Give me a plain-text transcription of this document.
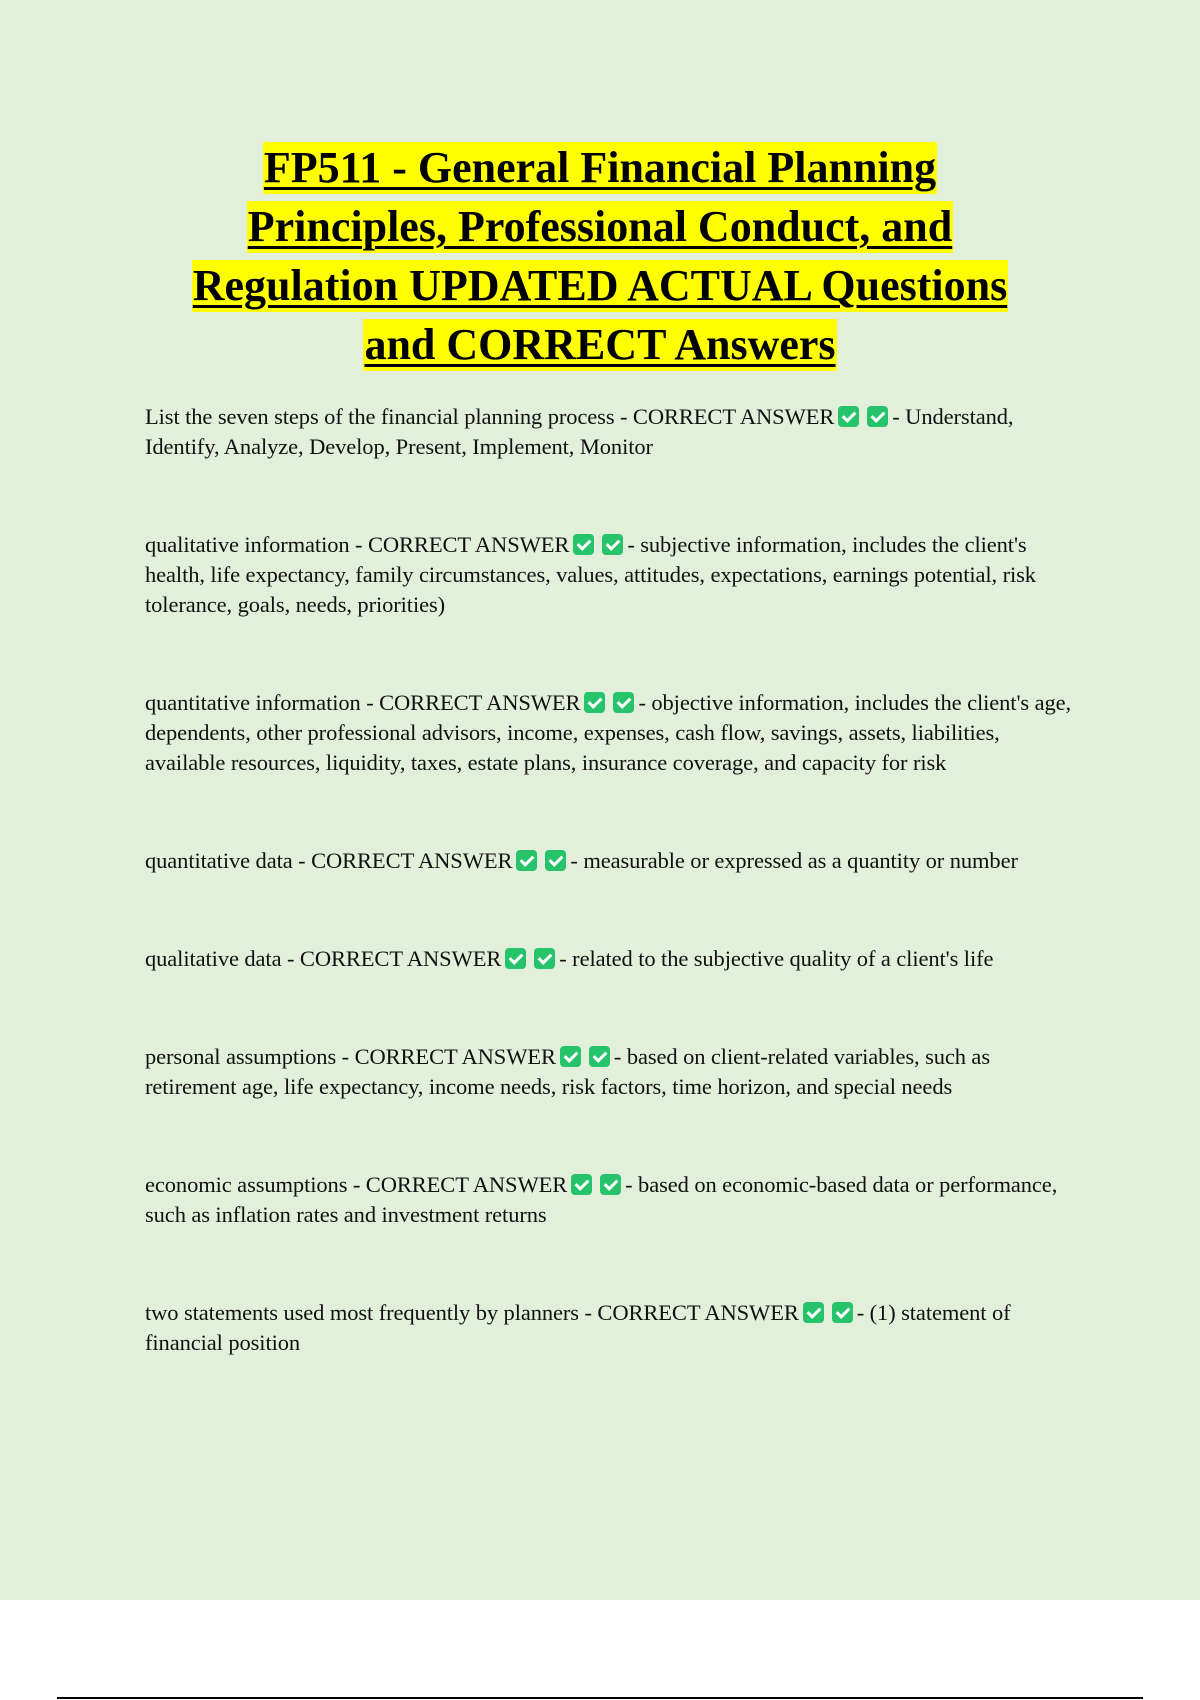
FP511 - General Financial Planning
Principles, Professional Conduct, and
Regulation UPDATED ACTUAL Questions
and CORRECT Answers

List the seven steps of the financial planning process - CORRECT ANSWER	- Understand, Identify, Analyze, Develop, Present, Implement, Monitor

qualitative information - CORRECT ANSWER	- subjective information, includes the client's health, life expectancy, family circumstances, values, attitudes, expectations, earnings potential, risk tolerance, goals, needs, priorities)

quantitative information - CORRECT ANSWER	- objective information, includes the client's age, dependents, other professional advisors, income, expenses, cash flow, savings, assets, liabilities, available resources, liquidity, taxes, estate plans, insurance coverage, and capacity for risk

quantitative data - CORRECT ANSWER	- measurable or expressed as a quantity or number

qualitative data - CORRECT ANSWER	- related to the subjective quality of a client's life

personal assumptions - CORRECT ANSWER	- based on client-related variables, such as retirement age, life expectancy, income needs, risk factors, time horizon, and special needs

economic assumptions - CORRECT ANSWER	- based on economic-based data or performance, such as inflation rates and investment returns

two statements used most frequently by planners - CORRECT ANSWER	- (1) statement of financial position
